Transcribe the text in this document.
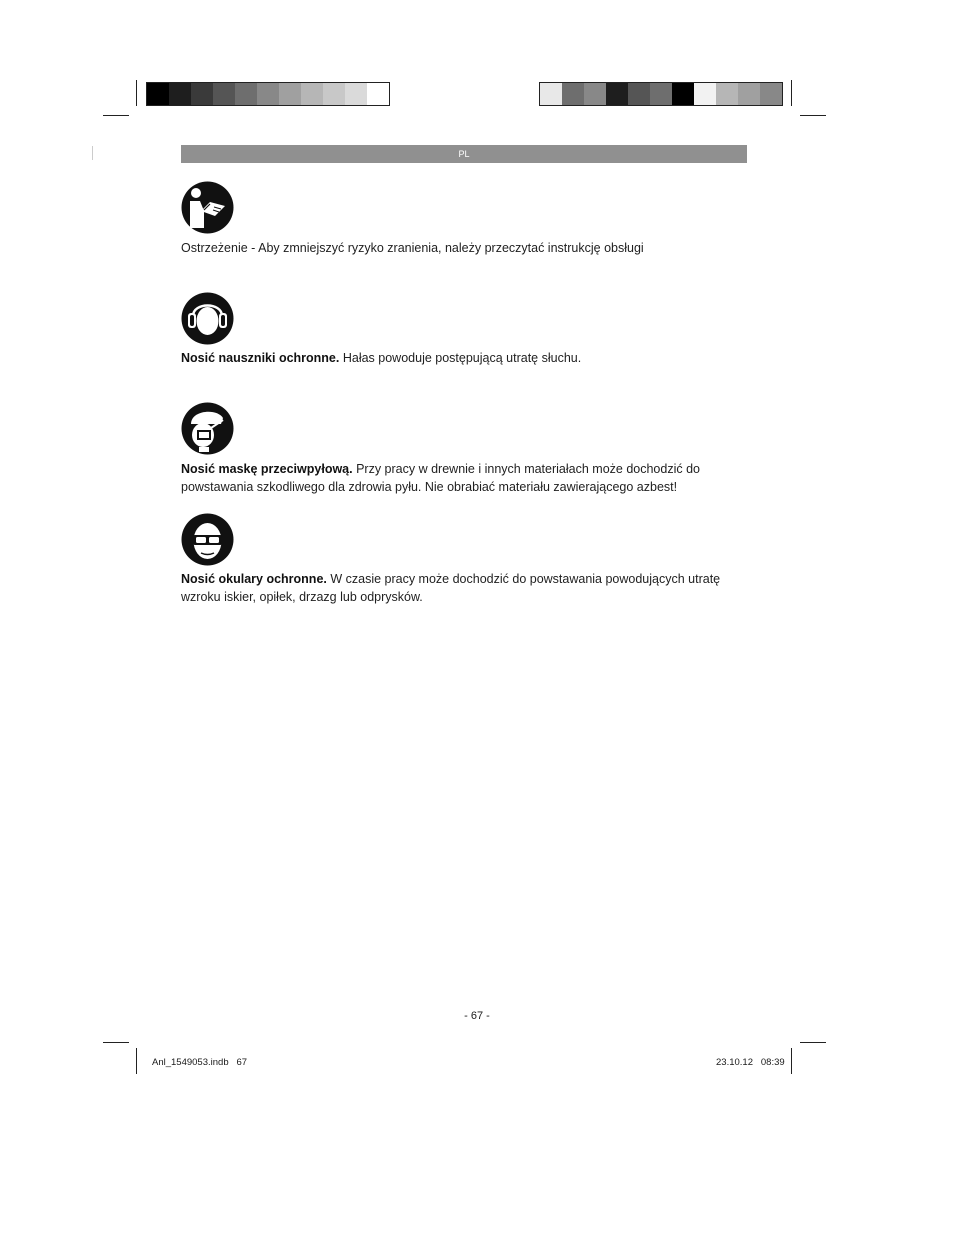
PL
Ostrzeżenie - Aby zmniejszyć ryzyko zranienia, należy przeczytać instrukcję obsługi
Nosić nauszniki ochronne. Hałas powoduje postępującą utratę słuchu.
Nosić maskę przeciwpyłową. Przy pracy w drewnie i innych materiałach może dochodzić do powstawania szkodliwego dla zdrowia pyłu. Nie obrabiać materiału zawierającego azbest!
Nosić okulary ochronne. W czasie pracy może dochodzić do powstawania powodujących utratę wzroku iskier, opiłek, drzazg lub odprysków.
- 67 -
Anl_1549053.indb   67	23.10.12   08:39
